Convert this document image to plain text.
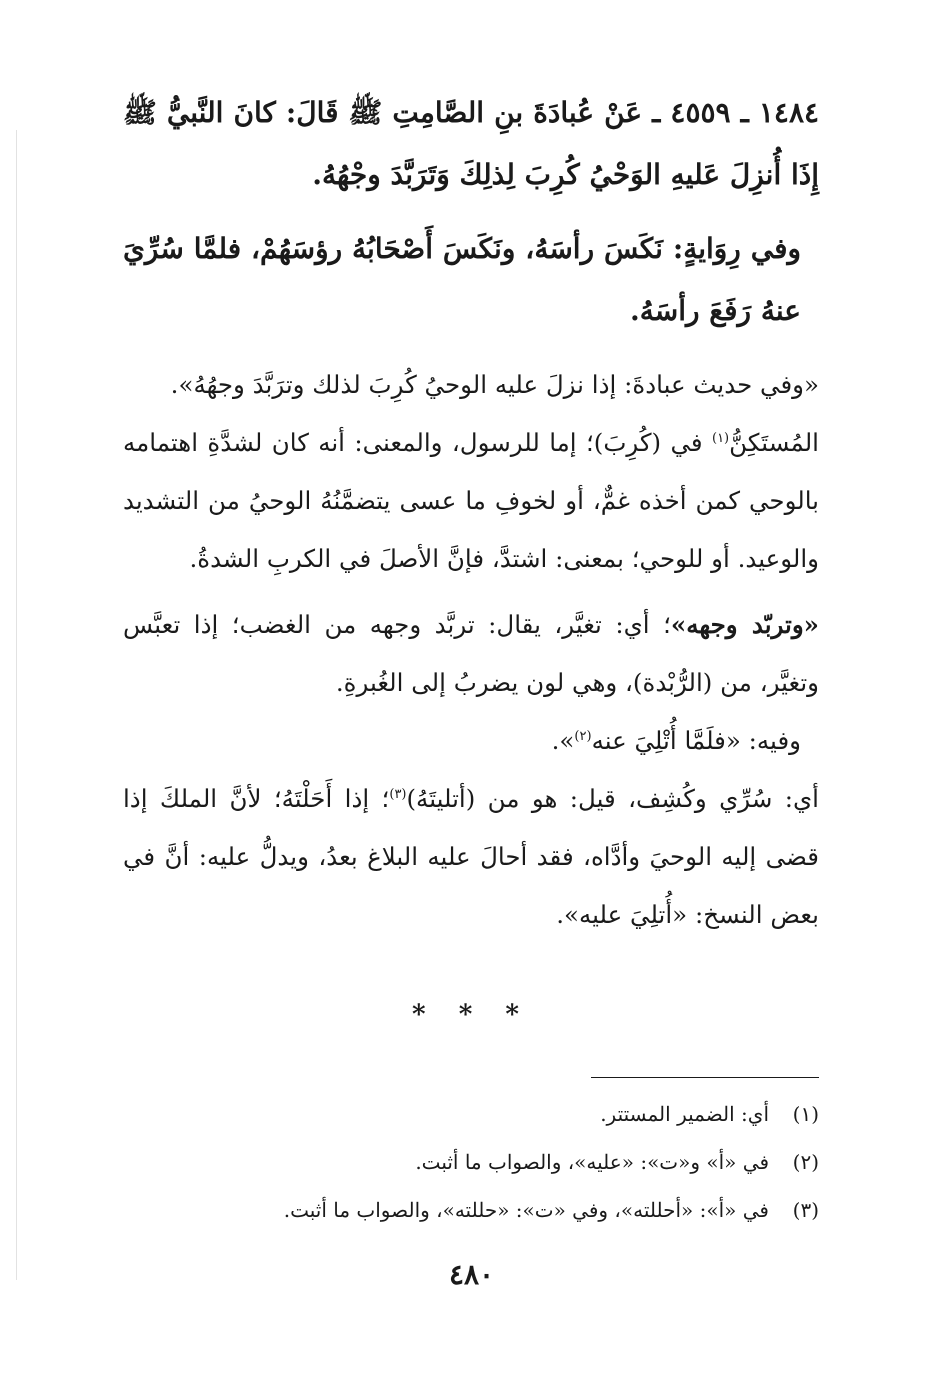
١٤٨٤ ـ ٤٥٥٩ ـ عَنْ عُبادَةَ بنِ الصَّامِتِ ﷺ قَالَ: كانَ النَّبيُّ ﷺ إِذَا أُنزِلَ عَليهِ الوَحْيُ كُرِبَ لِذلِكَ وَتَرَبَّدَ وجْهُهُ.

وفي رِوَايةٍ: نَكَسَ رأسَهُ، ونَكَسَ أَصْحَابُهُ رؤسَهُمْ، فلمَّا سُرِّيَ عنهُ رَفَعَ رأسَهُ.

«وفي حديث عبادةَ: إذا نزلَ عليه الوحيُ كُرِبَ لذلك وترَبَّدَ وجهُهُ».

المُستَكِنُّ$^{(١)}$ في (كُرِبَ)؛ إما للرسول، والمعنى: أنه كان لشدَّةِ اهتمامه بالوحي كمن أخذه غمٌّ، أو لخوفِ ما عسى يتضمَّنُهُ الوحيُ من التشديد والوعيد. أو للوحي؛ بمعنى: اشتدَّ، فإنَّ الأصلَ في الكربِ الشدةُ.

«وتربّد وجهه»؛ أي: تغيَّر، يقال: تربَّد وجهه من الغضب؛ إذا تعبَّس وتغيَّر، من (الرُّبْدة)، وهي لون يضربُ إلى الغُبرةِ.

وفيه: «فلَمَّا أُتْلِيَ عنه$^{(٢)}$».

أي: سُرِّي وكُشِف، قيل: هو من (أتليتَهُ)$^{(٣)}$؛ إذا أَحَلْتَهُ؛ لأنَّ الملكَ إذا قضى إليه الوحيَ وأدَّاه، فقد أحالَ عليه البلاغ بعدُ، ويدلُّ عليه: أنَّ في بعض النسخ: «أُتلِيَ عليه».

* * *

(١)أي: الضمير المستتر.

(٢)في «أ» و«ت»: «عليه»، والصواب ما أثبت.

(٣)في «أ»: «أحللته»، وفي «ت»: «حللته»، والصواب ما أثبت.

٤٨٠
